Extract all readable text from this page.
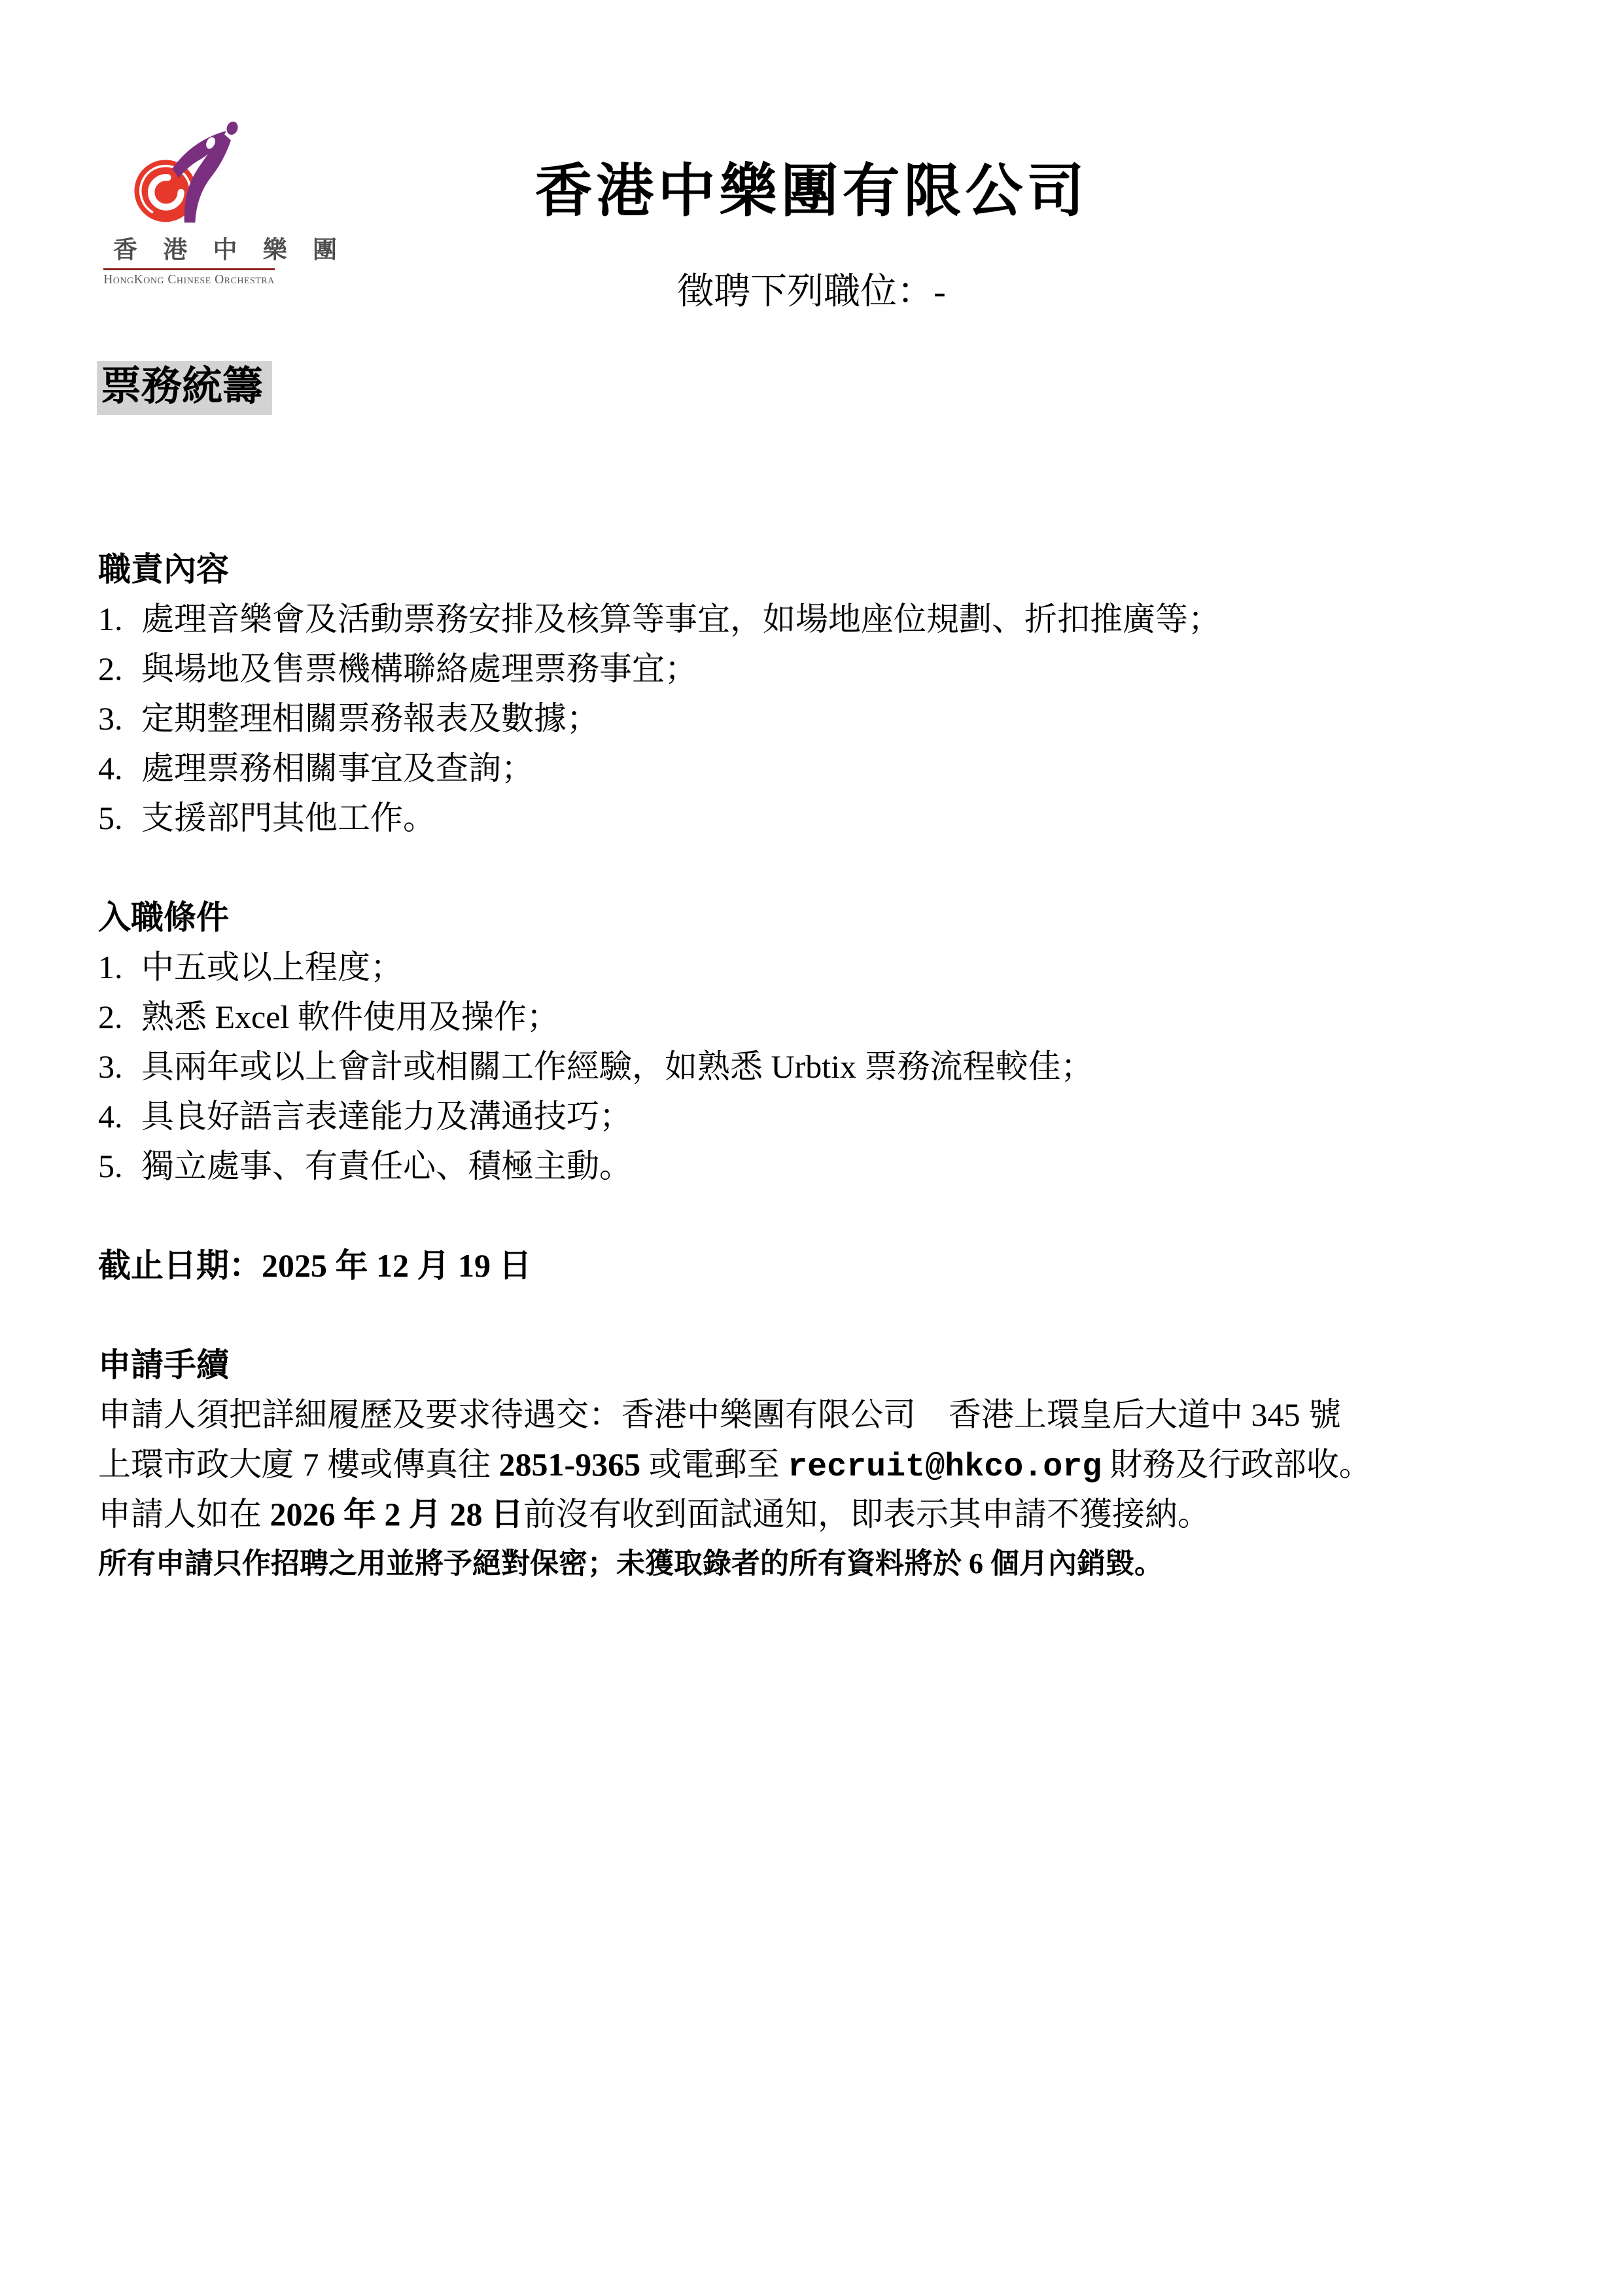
香 港 中 樂 團
HongKong Chinese Orchestra
香港中樂團有限公司
徵聘下列職位：-
票務統籌
職責內容
1. 處理音樂會及活動票務安排及核算等事宜，如場地座位規劃、折扣推廣等；
2. 與場地及售票機構聯絡處理票務事宜；
3. 定期整理相關票務報表及數據；
4. 處理票務相關事宜及查詢；
5. 支援部門其他工作。
入職條件
1. 中五或以上程度；
2. 熟悉 Excel 軟件使用及操作；
3. 具兩年或以上會計或相關工作經驗，如熟悉 Urbtix 票務流程較佳；
4. 具良好語言表達能力及溝通技巧；
5. 獨立處事、有責任心、積極主動。
截止日期：2025 年 12 月 19 日
申請手續
申請人須把詳細履歷及要求待遇交：香港中樂團有限公司　香港上環皇后大道中 345 號
上環市政大廈 7 樓或傳真往 2851-9365 或電郵至 recruit@hkco.org 財務及行政部收。
申請人如在 2026 年 2 月 28 日前沒有收到面試通知，即表示其申請不獲接納。
所有申請只作招聘之用並將予絕對保密；未獲取錄者的所有資料將於 6 個月內銷毀。
